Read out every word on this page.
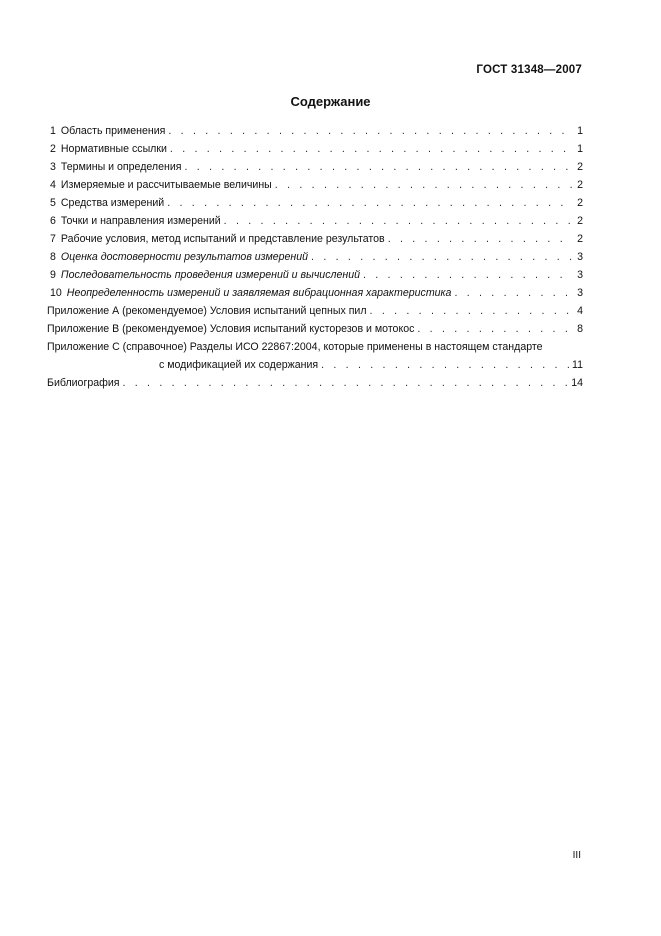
ГОСТ 31348—2007
Содержание
1 Область применения . . .	1
2 Нормативные ссылки . . .	1
3 Термины и определения . . .	2
4 Измеряемые и рассчитываемые величины . . .	2
5 Средства измерений . . .	2
6 Точки и направления измерений . . .	2
7 Рабочие условия, метод испытаний и представление результатов . . .	2
8 Оценка достоверности результатов измерений . . .	3
9 Последовательность проведения измерений и вычислений . . .	3
10 Неопределенность измерений и заявляемая вибрационная характеристика . . .	3
Приложение А (рекомендуемое) Условия испытаний цепных пил . . .	4
Приложение В (рекомендуемое) Условия испытаний кусторезов и мотокос . . .	8
Приложение С (справочное) Разделы ИСО 22867:2004, которые применены в настоящем стандарте
с модификацией их содержания . . .	11
Библиография . . .	14
III
